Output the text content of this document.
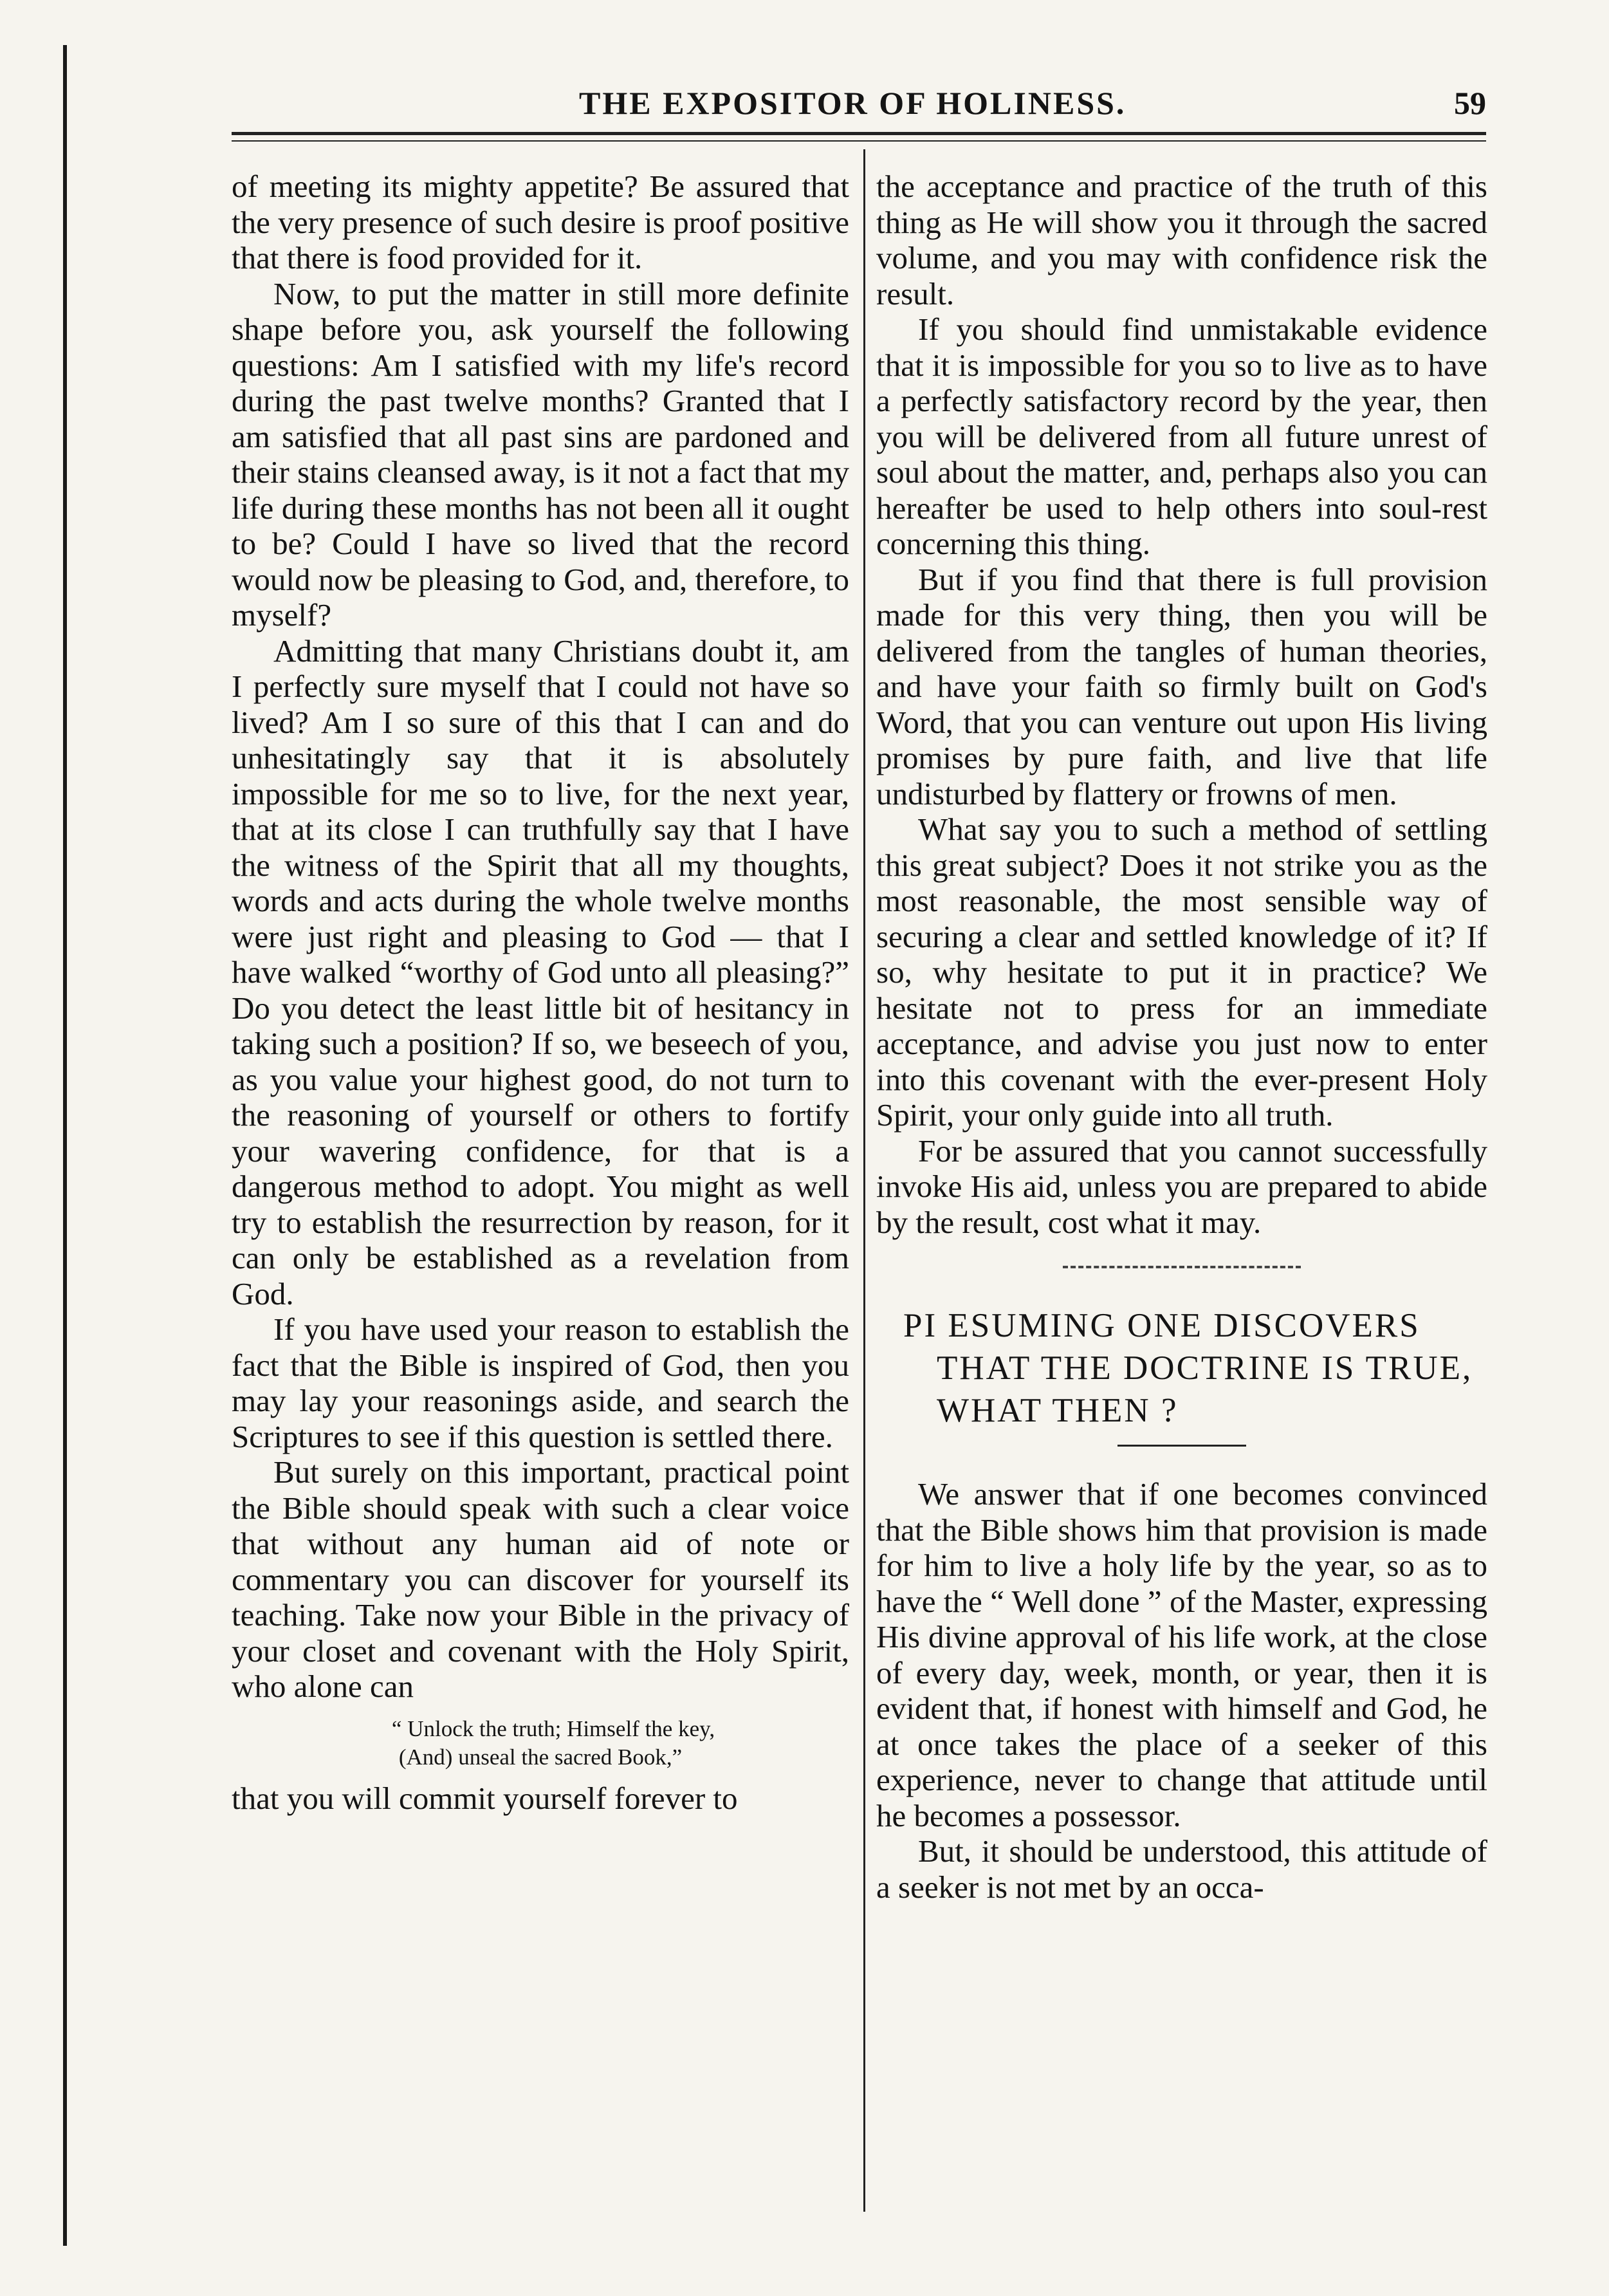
THE EXPOSITOR OF HOLINESS.	59

of meeting its mighty appetite? Be assured that the very presence of such desire is proof positive that there is food provided for it.

Now, to put the matter in still more definite shape before you, ask yourself the following questions: Am I satisfied with my life's record during the past twelve months? Granted that I am satisfied that all past sins are pardoned and their stains cleansed away, is it not a fact that my life during these months has not been all it ought to be? Could I have so lived that the record would now be pleasing to God, and, therefore, to myself?

Admitting that many Christians doubt it, am I perfectly sure myself that I could not have so lived? Am I so sure of this that I can and do unhesitatingly say that it is absolutely impossible for me so to live, for the next year, that at its close I can truthfully say that I have the witness of the Spirit that all my thoughts, words and acts during the whole twelve months were just right and pleasing to God — that I have walked “worthy of God unto all pleasing?” Do you detect the least little bit of hesitancy in taking such a position? If so, we beseech of you, as you value your highest good, do not turn to the reasoning of yourself or others to fortify your wavering confidence, for that is a dangerous method to adopt. You might as well try to establish the resurrection by reason, for it can only be established as a revelation from God.

If you have used your reason to establish the fact that the Bible is inspired of God, then you may lay your reasonings aside, and search the Scriptures to see if this question is settled there.

But surely on this important, practical point the Bible should speak with such a clear voice that without any human aid of note or commentary you can discover for yourself its teaching. Take now your Bible in the privacy of your closet and covenant with the Holy Spirit, who alone can

“ Unlock the truth; Himself the key,
(And) unseal the sacred Book,”

that you will commit yourself forever to

the acceptance and practice of the truth of this thing as He will show you it through the sacred volume, and you may with confidence risk the result.

If you should find unmistakable evidence that it is impossible for you so to live as to have a perfectly satisfactory record by the year, then you will be delivered from all future unrest of soul about the matter, and, perhaps also you can hereafter be used to help others into soul-rest concerning this thing.

But if you find that there is full provision made for this very thing, then you will be delivered from the tangles of human theories, and have your faith so firmly built on God's Word, that you can venture out upon His living promises by pure faith, and live that life undisturbed by flattery or frowns of men.

What say you to such a method of settling this great subject? Does it not strike you as the most reasonable, the most sensible way of securing a clear and settled knowledge of it? If so, why hesitate to put it in practice? We hesitate not to press for an immediate acceptance, and advise you just now to enter into this covenant with the ever-present Holy Spirit, your only guide into all truth.

For be assured that you cannot successfully invoke His aid, unless you are prepared to abide by the result, cost what it may.

PI ESUMING ONE DISCOVERS
THAT THE DOCTRINE IS TRUE,
WHAT THEN ?

We answer that if one becomes convinced that the Bible shows him that provision is made for him to live a holy life by the year, so as to have the “ Well done ” of the Master, expressing His divine approval of his life work, at the close of every day, week, month, or year, then it is evident that, if honest with himself and God, he at once takes the place of a seeker of this experience, never to change that attitude until he becomes a possessor.

But, it should be understood, this attitude of a seeker is not met by an occa-
